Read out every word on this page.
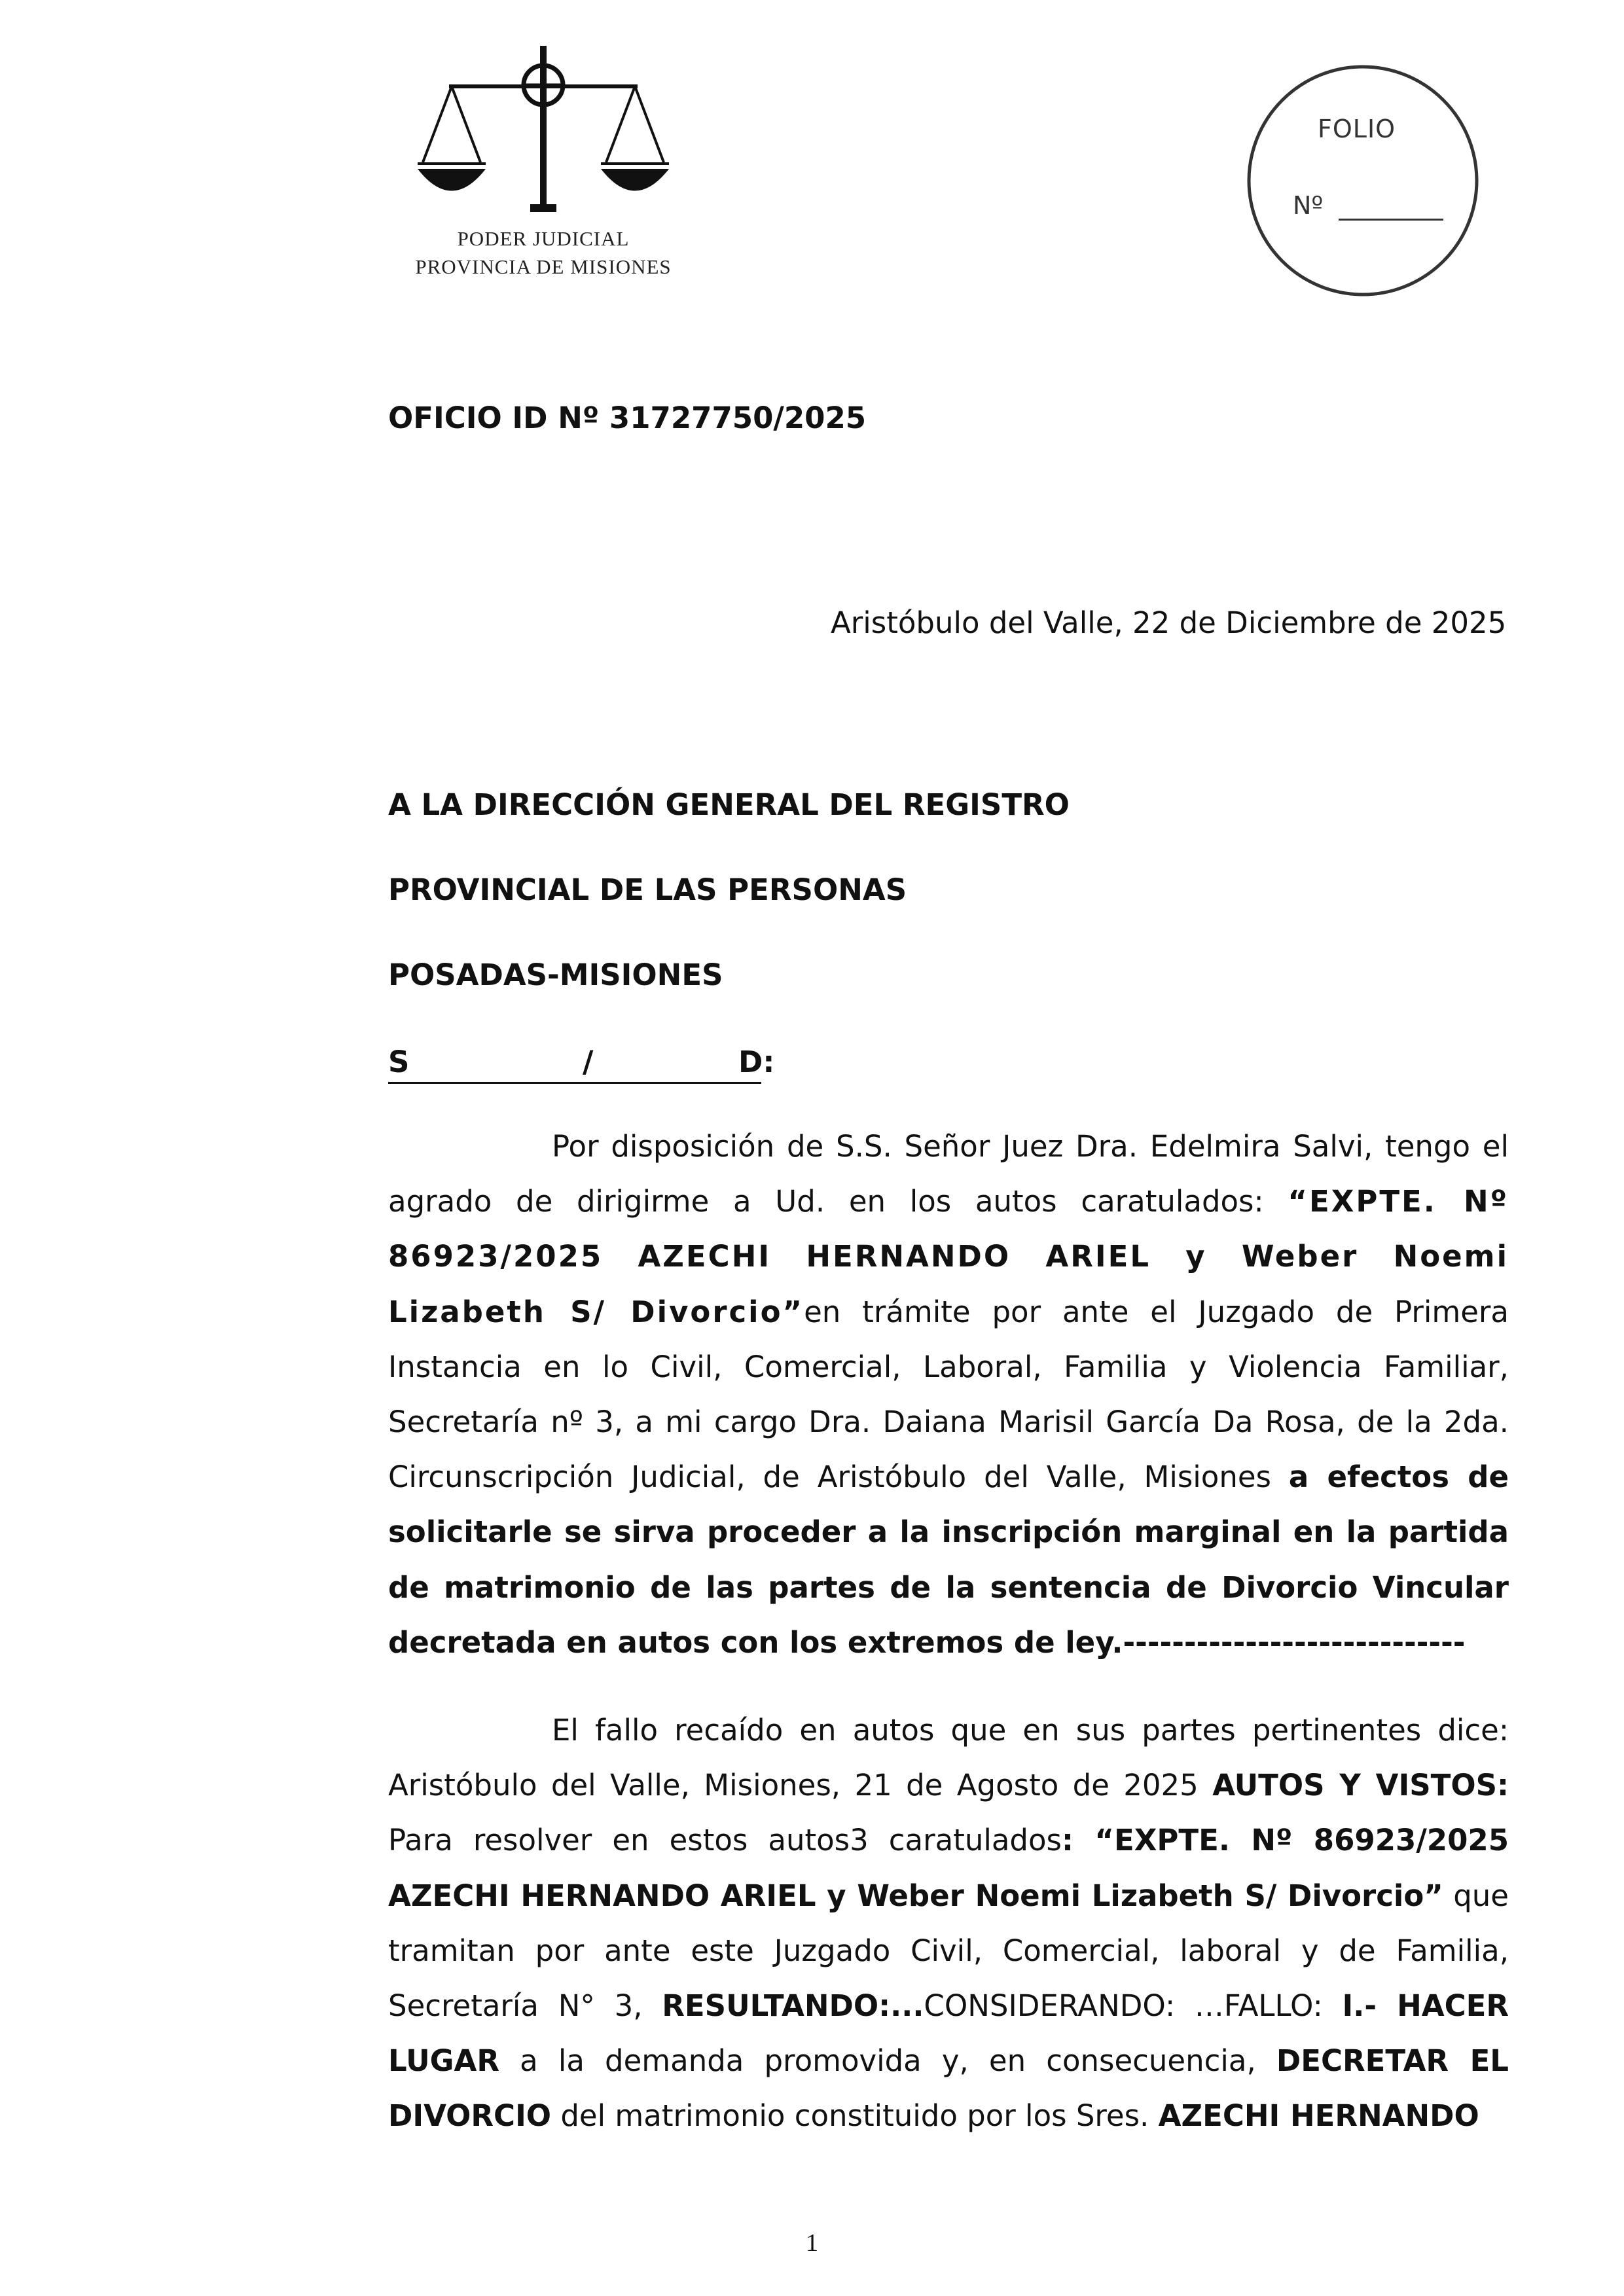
PODER JUDICIAL
PROVINCIA DE MISIONES
FOLIO
Nº
OFICIO ID Nº 31727750/2025
Aristóbulo del Valle, 22 de Diciembre de 2025
A LA DIRECCIÓN GENERAL DEL REGISTRO
PROVINCIAL DE LAS PERSONAS
POSADAS-MISIONES
S	/	D:
Por disposición de S.S. Señor Juez Dra. Edelmira Salvi, tengo el agrado de dirigirme a Ud. en los autos caratulados: “EXPTE. Nº 86923/2025 AZECHI HERNANDO ARIEL y Weber Noemi Lizabeth S/ Divorcio”en trámite por ante el Juzgado de Primera Instancia en lo Civil, Comercial, Laboral, Familia y Violencia Familiar, Secretaría nº 3, a mi cargo Dra. Daiana Marisil García Da Rosa, de la 2da. Circunscripción Judicial, de Aristóbulo del Valle, Misiones a efectos de solicitarle se sirva proceder a la inscripción marginal en la partida de matrimonio de las partes de la sentencia de Divorcio Vincular decretada en autos con los extremos de ley.----------------------------
El fallo recaído en autos que en sus partes pertinentes dice: Aristóbulo del Valle, Misiones, 21 de Agosto de 2025 AUTOS Y VISTOS: Para resolver en estos autos3 caratulados: “EXPTE. Nº 86923/2025 AZECHI HERNANDO ARIEL y Weber Noemi Lizabeth S/ Divorcio” que tramitan por ante este Juzgado Civil, Comercial, laboral y de Familia, Secretaría N° 3, RESULTANDO:...CONSIDERANDO: …FALLO: I.- HACER LUGAR a la demanda promovida y, en consecuencia, DECRETAR EL DIVORCIO del matrimonio constituido por los Sres. AZECHI HERNANDO
1
